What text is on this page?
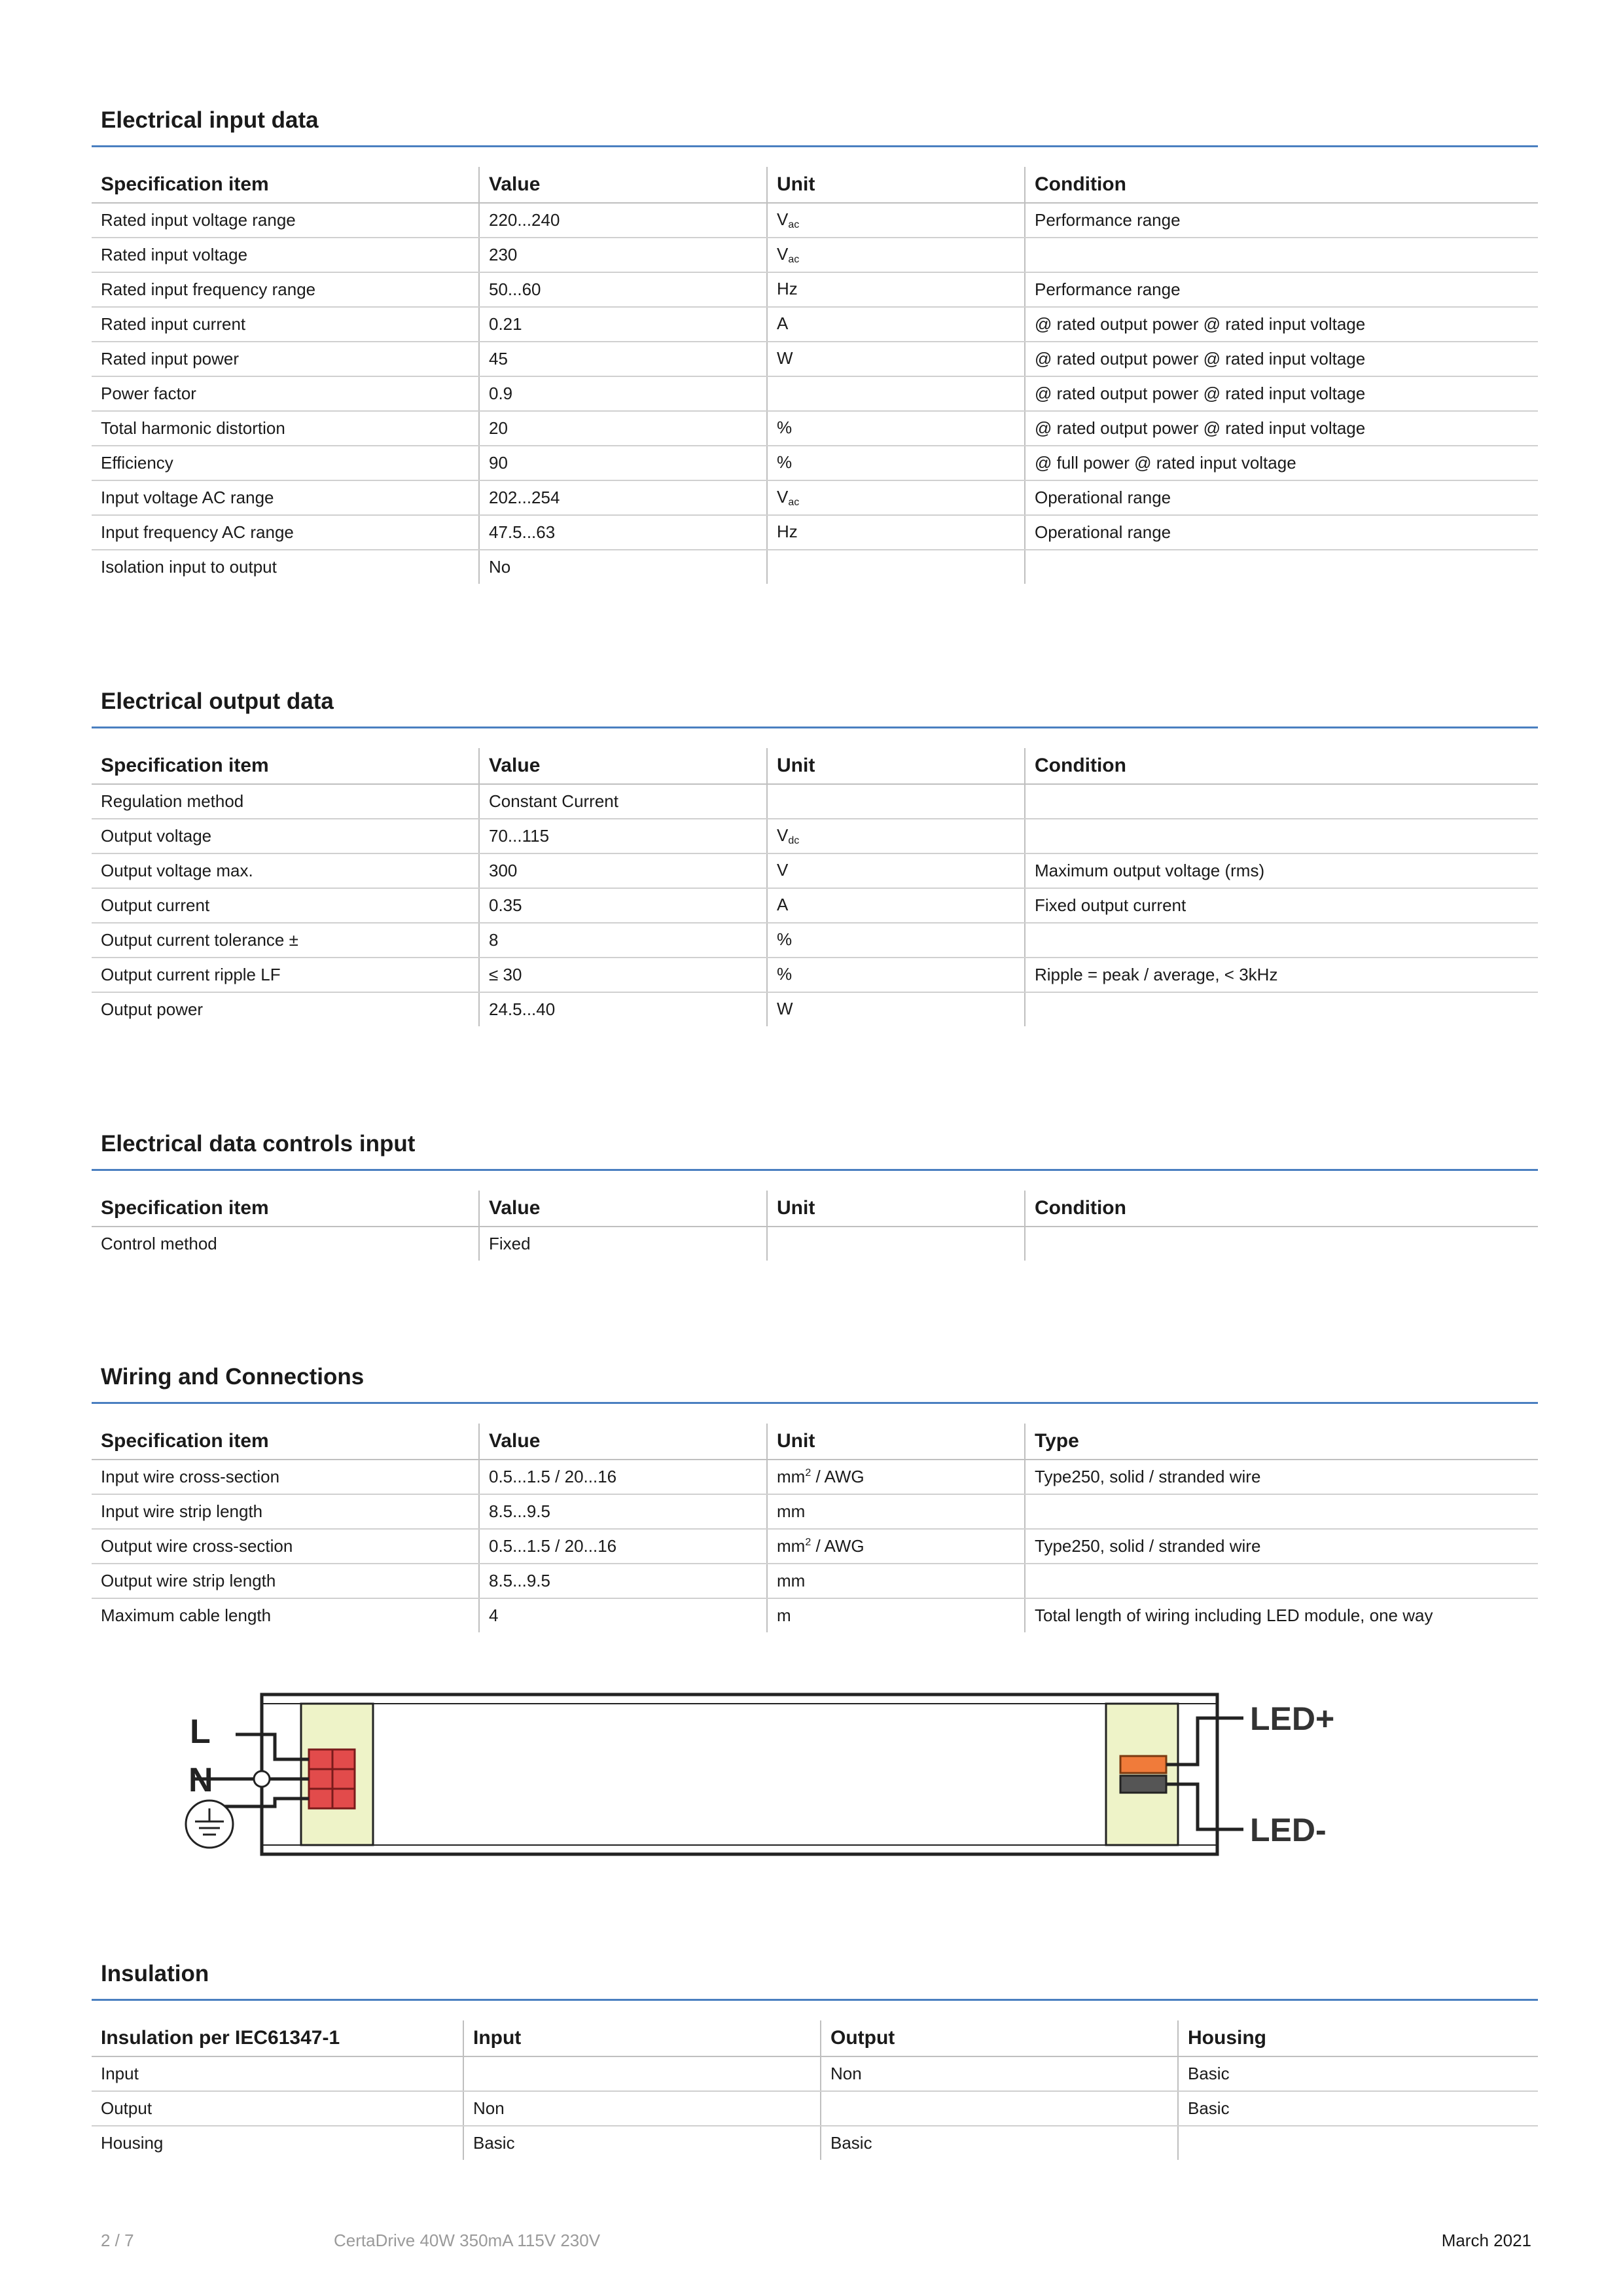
Electrical input data
Specification item	Value	Unit	Condition
Rated input voltage range	220...240	$V_{ac}$	Performance range
Rated input voltage	230	$V_{ac}$	
Rated input frequency range	50...60	Hz	Performance range
Rated input current	0.21	A	@ rated output power @ rated input voltage
Rated input power	45	W	@ rated output power @ rated input voltage
Power factor	0.9		@ rated output power @ rated input voltage
Total harmonic distortion	20	%	@ rated output power @ rated input voltage
Efficiency	90	%	@ full power @ rated input voltage
Input voltage AC range	202...254	$V_{ac}$	Operational range
Input frequency AC range	47.5...63	Hz	Operational range
Isolation input to output	No		
Electrical output data
Specification item	Value	Unit	Condition
Regulation method	Constant Current		
Output voltage	70...115	$V_{dc}$	
Output voltage max.	300	V	Maximum output voltage (rms)
Output current	0.35	A	Fixed output current
Output current tolerance ±	8	%	
Output current ripple LF	≤ 30	%	Ripple = peak / average, < 3kHz
Output power	24.5...40	W	
Electrical data controls input
Specification item	Value	Unit	Condition
Control method	Fixed		
Wiring and Connections
Specification item	Value	Unit	Type
Input wire cross-section	0.5...1.5 / 20...16	$mm^2$ / AWG	Type250, solid / stranded wire
Input wire strip length	8.5...9.5	mm	
Output wire cross-section	0.5...1.5 / 20...16	$mm^2$ / AWG	Type250, solid / stranded wire
Output wire strip length	8.5...9.5	mm	
Maximum cable length	4	m	Total length of wiring including LED module, one way
L
N
LED+
LED-
Insulation
Insulation per IEC61347-1	Input	Output	Housing
Input		Non	Basic
Output	Non		Basic
Housing	Basic	Basic	
2 / 7	CertaDrive 40W 350mA 115V 230V	March 2021
